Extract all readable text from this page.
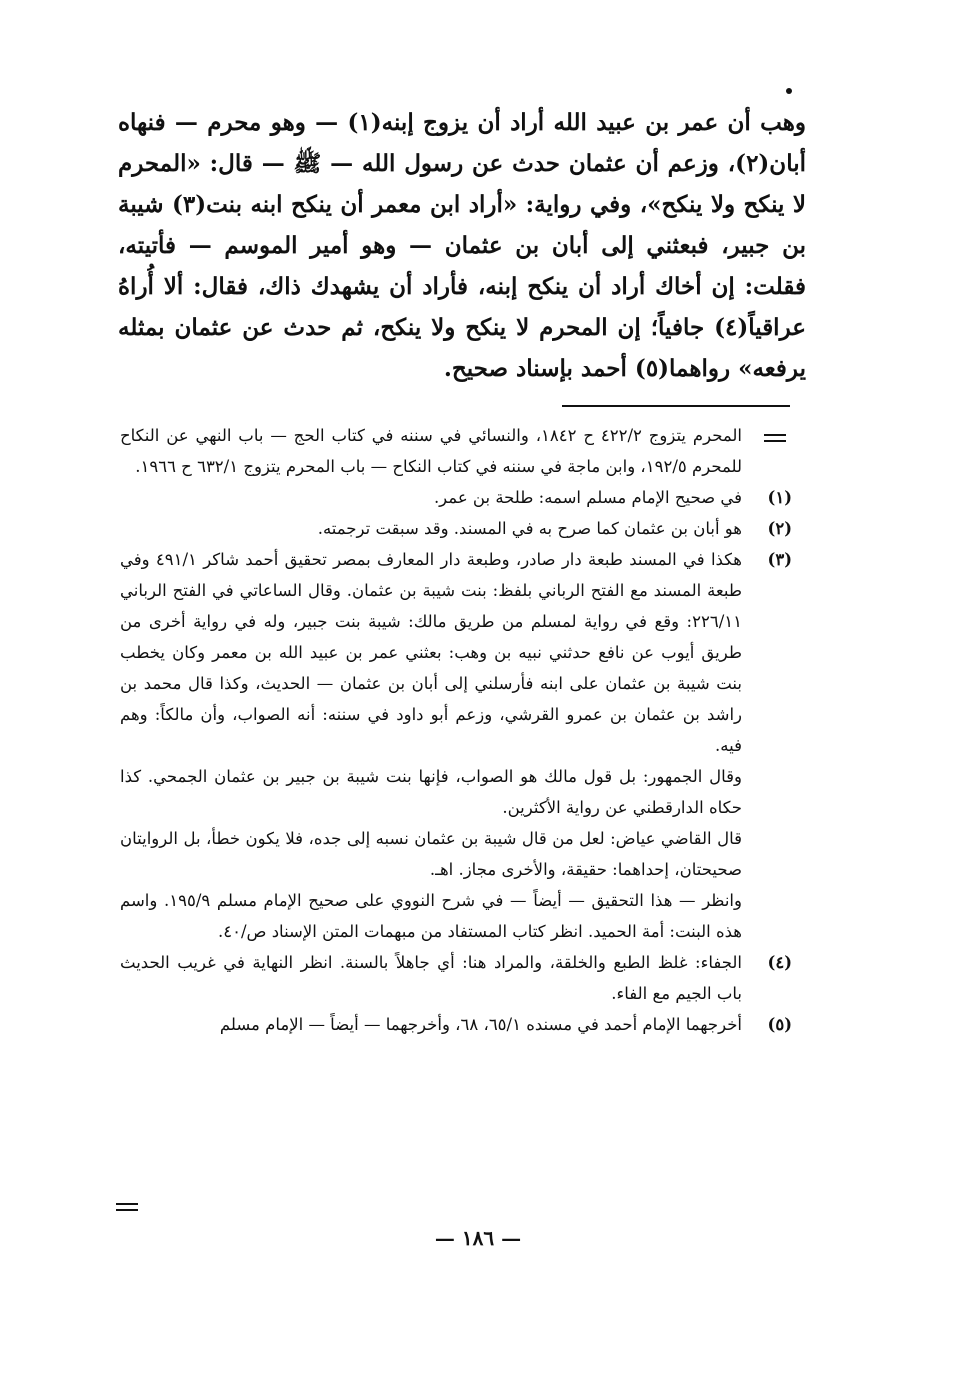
وهب أن عمر بن عبيد الله أراد أن يزوج إبنه(١) — وهو محرم — فنهاه أبان(٢)، وزعم أن عثمان حدث عن رسول الله — ﷺ — قال: «المحرم لا ينكح ولا ينكح»، وفي رواية: «أراد ابن معمر أن ينكح ابنه بنت(٣) شيبة بن جبير، فبعثني إلى أبان بن عثمان — وهو أمير الموسم — فأتيته، فقلت: إن أخاك أراد أن ينكح إبنه، فأراد أن يشهدك ذاك، فقال: ألا أُراهُ عراقياً(٤) جافياً؛ إن المحرم لا ينكح ولا ينكح، ثم حدث عن عثمان بمثله يرفعه» رواهما(٥) أحمد بإسناد صحيح.

المحرم يتزوج ٤٢٢/٢ ح ١٨٤٢، والنسائي في سننه في كتاب الحج — باب النهي عن النكاح للمحرم ١٩٢/٥، وابن ماجة في سننه في كتاب النكاح — باب المحرم يتزوج ٦٣٢/١ ح ١٩٦٦.

(١)

في صحيح الإمام مسلم اسمه: طلحة بن عمر.

(٢)

هو أبان بن عثمان كما صرح به في المسند. وقد سبقت ترجمته.

(٣)

هكذا في المسند طبعة دار صادر، وطبعة دار المعارف بمصر تحقيق أحمد شاكر ٤٩١/١ وفي طبعة المسند مع الفتح الرباني بلفظ: بنت شيبة بن عثمان. وقال الساعاتي في الفتح الرباني ٢٢٦/١١: وقع في رواية لمسلم من طريق مالك: شيبة بنت جبير، وله في رواية أخرى من طريق أيوب عن نافع حدثني نبيه بن وهب: بعثني عمر بن عبيد الله بن معمر وكان يخطب بنت شيبة بن عثمان على ابنه فأرسلني إلى أبان بن عثمان — الحديث، وكذا قال محمد بن راشد بن عثمان بن عمرو القرشي، وزعم أبو داود في سننه: أنه الصواب، وأن مالكاً: وهم فيه.

وقال الجمهور: بل قول مالك هو الصواب، فإنها بنت شيبة بن جبير بن عثمان الجمحي. كذا حكاه الدارقطني عن رواية الأكثرين.

قال القاضي عياض: لعل من قال شيبة بن عثمان نسبه إلى جده، فلا يكون خطأ، بل الروايتان صحيحتان، إحداهما: حقيقة، والأخرى مجاز. اهـ.

وانظر — هذا التحقيق — أيضاً — في شرح النووي على صحيح الإمام مسلم ١٩٥/٩. واسم هذه البنت: أمة الحميد. انظر كتاب المستفاد من مبهمات المتن الإسناد ص/٤٠.

(٤)

الجفاء: غلظ الطبع والخلقة، والمراد هنا: أي جاهلاً بالسنة. انظر النهاية في غريب الحديث باب الجيم مع الفاء.

(٥)

أخرجهما الإمام أحمد في مسنده ٦٥/١، ٦٨، وأخرجهما — أيضاً — الإمام مسلم

— ١٨٦ —
